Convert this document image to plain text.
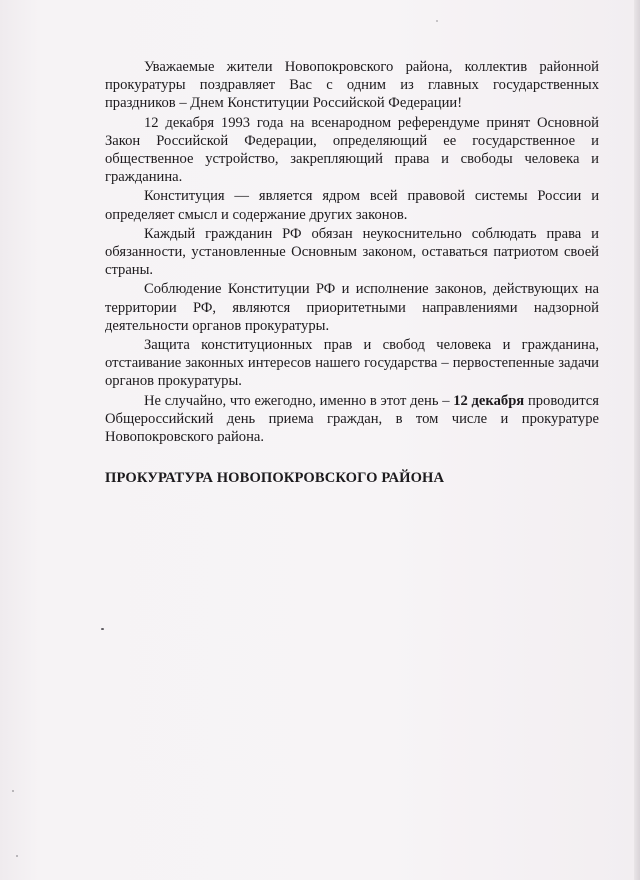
Уважаемые жители Новопокровского района, коллектив районной прокуратуры поздравляет Вас с одним из главных государственных праздников – Днем Конституции Российской Федерации!

12 декабря 1993 года на всенародном референдуме принят Основной Закон Российской Федерации, определяющий ее государственное и общественное устройство, закрепляющий права и свободы человека и гражданина.

Конституция — является ядром всей правовой системы России и определяет смысл и содержание других законов.

Каждый гражданин РФ обязан неукоснительно соблюдать права и обязанности, установленные Основным законом, оставаться патриотом своей страны.

Соблюдение Конституции РФ и исполнение законов, действующих на территории РФ, являются приоритетными направлениями надзорной деятельности органов прокуратуры.

Защита конституционных прав и свобод человека и гражданина, отстаивание законных интересов нашего государства – первостепенные задачи органов прокуратуры.

Не случайно, что ежегодно, именно в этот день – 12 декабря проводится Общероссийский день приема граждан, в том числе и прокуратуре Новопокровского района.

ПРОКУРАТУРА НОВОПОКРОВСКОГО РАЙОНА
